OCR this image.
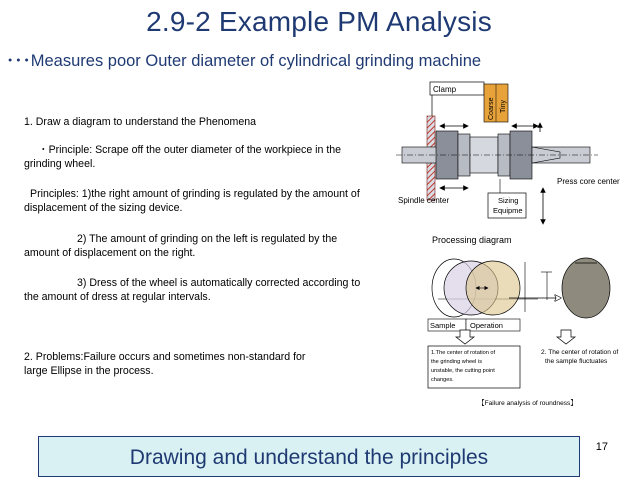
2.9-2 Example PM Analysis
･･･Measures poor Outer diameter of cylindrical grinding machine
1. Draw a diagram to understand the Phenomena
・Principle: Scrape off the outer diameter of the workpiece in the
grinding wheel.
Principles: 1)the right amount of grinding is regulated by the amount of
displacement of the sizing device.
2) The amount of grinding on the left is regulated by the
amount of displacement on the right.
3) Dress of the wheel is automatically corrected according to
the amount of dress at regular intervals.
2. Problems:Failure occurs and sometimes non-standard for
large Ellipse in the process.
Clamp
Coarse Tiny
Press core center
Spindle center	Sizing
Equipme
Processing diagram
Sample Operation
1.The center of rotation of
the grinding wheel is
unstable, the cutting point
changes.
2. The center of rotation of
the sample fluctuates
【Failure analysis of roundness】
Drawing and understand the principles	17
